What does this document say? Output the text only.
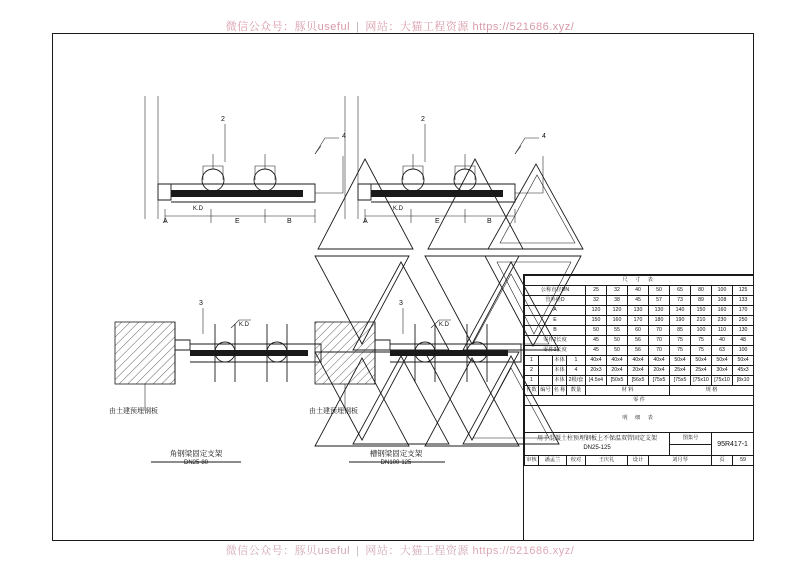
微信公众号：豚贝useful | 网站：大猫工程资源 https://521686.xyz/
微信公众号：豚贝useful | 网站：大猫工程资源 https://521686.xyz/
2
4
K.D
2
4
K.D
3
K.D
3
K.D
A	E	B	A	E	B
由土建预埋钢板	由土建预埋钢板
角钢梁固定支架
DN25-80
槽钢梁固定支架
DN100-125
尺 寸 表											
公称直径DN				25	32	40	50	65	80	100	125
管外径D				32	38	45	57	73	89	108	133
A				120	120	130	130	140	150	160	170
E				150	160	170	180	190	210	230	250
B				50	55	60	70	85	100	110	130
零件2长度				45	50	56	70	75	75	40	48
零件3长度				45	50	56	70	75	75	63	100
1		本体	1	40x4	40x4	40x4	40x4	50x4	50x4	50x4	50x4
2		本体	4	20x3	20x4	20x4	20x4	25x4	25x4	30x4	45x3
1		本体	2根/套	[4.5x4	[50x5	[56x5	[75x5	[75x5	[75x10	[75x10	[8x10
件数	编号	名 称	数量	材 料				规 格			
零 件											
明 细 表											
用于混凝土柱预埋钢板上不保温双管固定支架
DN25-125								图集号		95R417-1	

审核	潘孟兰		校对	王庆礼		设计	刘月琴			页	59
